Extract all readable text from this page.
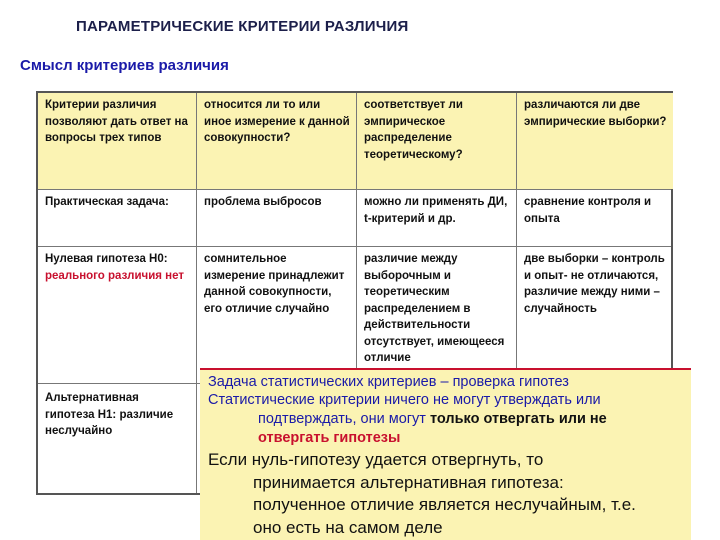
ПАРАМЕТРИЧЕСКИЕ КРИТЕРИИ РАЗЛИЧИЯ
Смысл критериев различия
Критерии различия позволяют дать ответ на вопросы трех типов
относится ли то или иное измерение к данной совокупности?
соответствует ли эмпирическое распределение теоретическому?
различаются ли две эмпирические выборки?
Практическая задача:	проблема выбросов	можно ли применять ДИ, t-критерий и др.
сравнение контроля и опыта
Нулевая гипотеза Н0: реального различия нет
сомнительное измерение принадлежит данной совокупности, его отличие случайно
различие между выборочным и теоретическим распределением в действительности отсутствует, имеющееся отличие
две выборки – контроль и опыт- не отличаются, различие между ними – случайность
Альтернативная гипотеза Н1: различие неслучайно
Задача статистических критериев – проверка гипотез
Статистические критерии ничего не могут утверждать или
подтверждать, они могут только отвергать или не
отвергать гипотезы
Если нуль-гипотезу удается отвергнуть, то
принимается альтернативная гипотеза:
полученное отличие является неслучайным, т.е.
оно есть на самом деле
